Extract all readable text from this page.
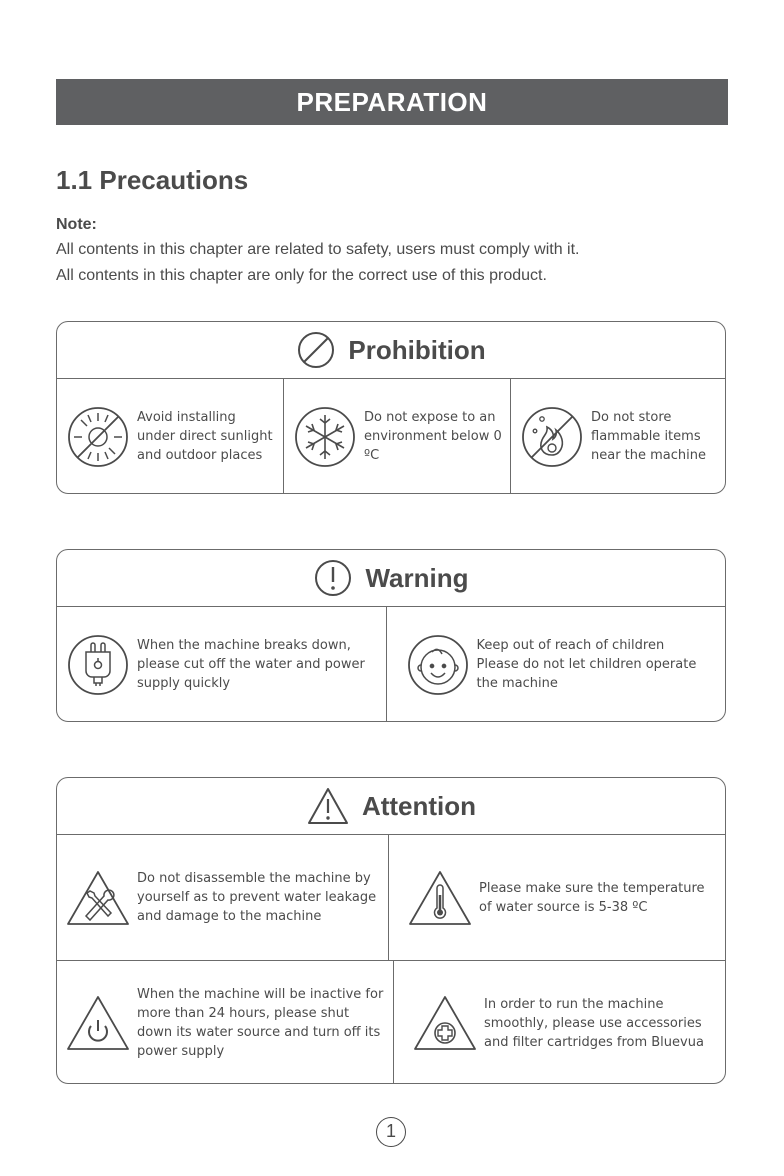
PREPARATION
1.1 Precautions
Note:
All contents in this chapter are related to safety, users must comply with it.
All contents in this chapter are only for the correct use of this product.
Prohibition
Avoid installing under direct sunlight and outdoor places
Do not expose to an environment below 0 ºC
Do not store flammable items near the machine
Warning
When the machine breaks down, please cut off the water and power supply quickly
Keep out of reach of children Please do not let children operate the machine
Attention
Do not disassemble the machine by yourself as to prevent water leakage and damage to the machine
Please make sure the temperature of water source is 5-38 ºC
When the machine will be inactive for more than 24 hours, please shut down its water source and turn off its power supply
In order to run the machine smoothly, please use accessories and filter cartridges from Bluevua
1
